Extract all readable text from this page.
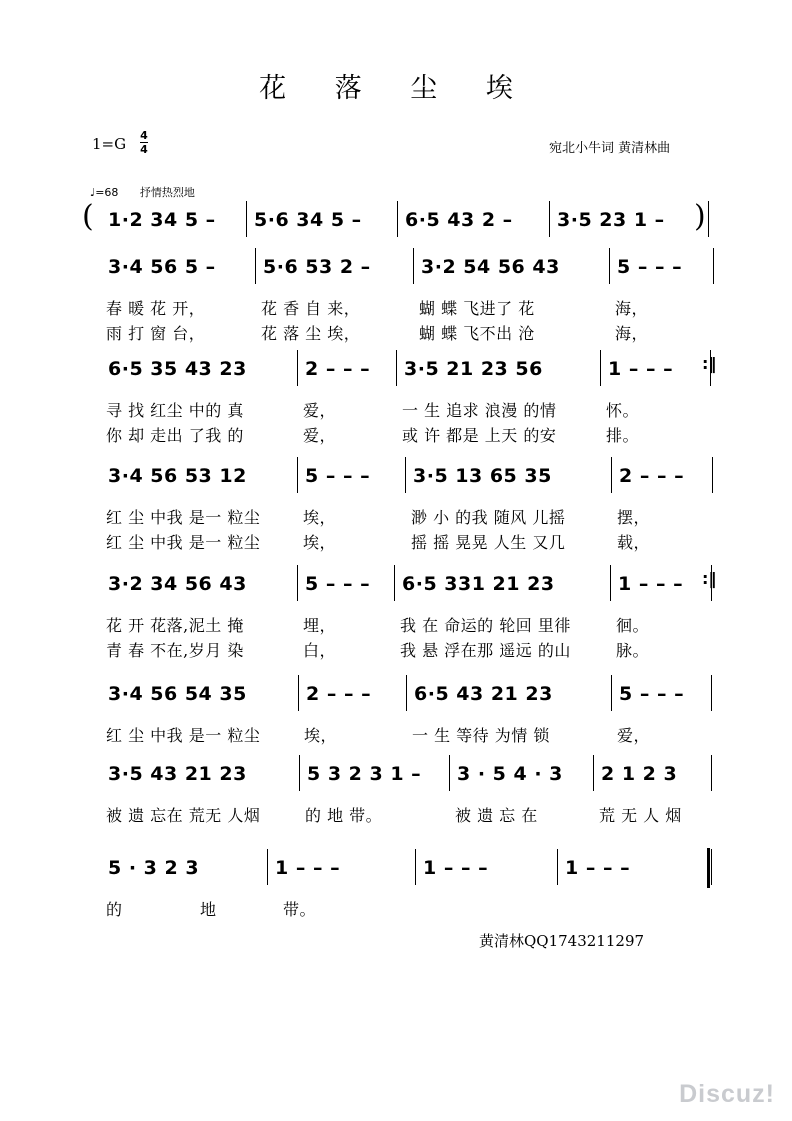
花 落 尘 埃
1=G 4
4	宛北小牛词 黄清林曲
♩=68 抒情热烈地
1·2 34 5 –	5·6 34 5 –	6·5 43 2 –	3·5 23 1 –
3·4 56 5 –	5·6 53 2 –	3·2 54 56 43	5 – – –
春 暖 花 开，	花 香 自 来，	蝴 蝶 飞进了 花	海，
雨 打 窗 台，	花 落 尘 埃，	蝴 蝶 飞不出 沧	海，
6·5 35 43 23	2 – – –	3·5 21 23 56	1 – – –
寻 找 红尘 中的 真	爱，	一 生 追求 浪漫 的情	怀。
你 却 走出 了我 的	爱，	或 许 都是 上天 的安	排。
3·4 56 53 12	5 – – –	3·5 13 65 35	2 – – –
红 尘 中我 是一 粒尘	埃，	渺 小 的我 随风 儿摇	摆，
红 尘 中我 是一 粒尘	埃，	摇 摇 晃晃 人生 又几	载，
3·2 34 56 43	5 – – –	6·5 331 21 23	1 – – –
花 开 花落,泥土 掩	埋，	我 在 命运的 轮回 里徘	徊。
青 春 不在,岁月 染	白，	我 悬 浮在那 遥远 的山	脉。
3·4 56 54 35	2 – – –	6·5 43 21 23	5 – – –
红 尘 中我 是一 粒尘	埃，	一 生 等待 为情 锁	爱，
3·5 43 21 23	5 3 2 3 1 –	3 · 5 4 · 3	2 1 2 3
被 遗 忘在 荒无 人烟	的 地 带。	被 遗 忘 在	荒 无 人 烟
5 · 3 2 3	1 – – –	1 – – –	1 – – –
的	地	带。
(	)
:‖
:‖
黄清林QQ1743211297
Discuz!
